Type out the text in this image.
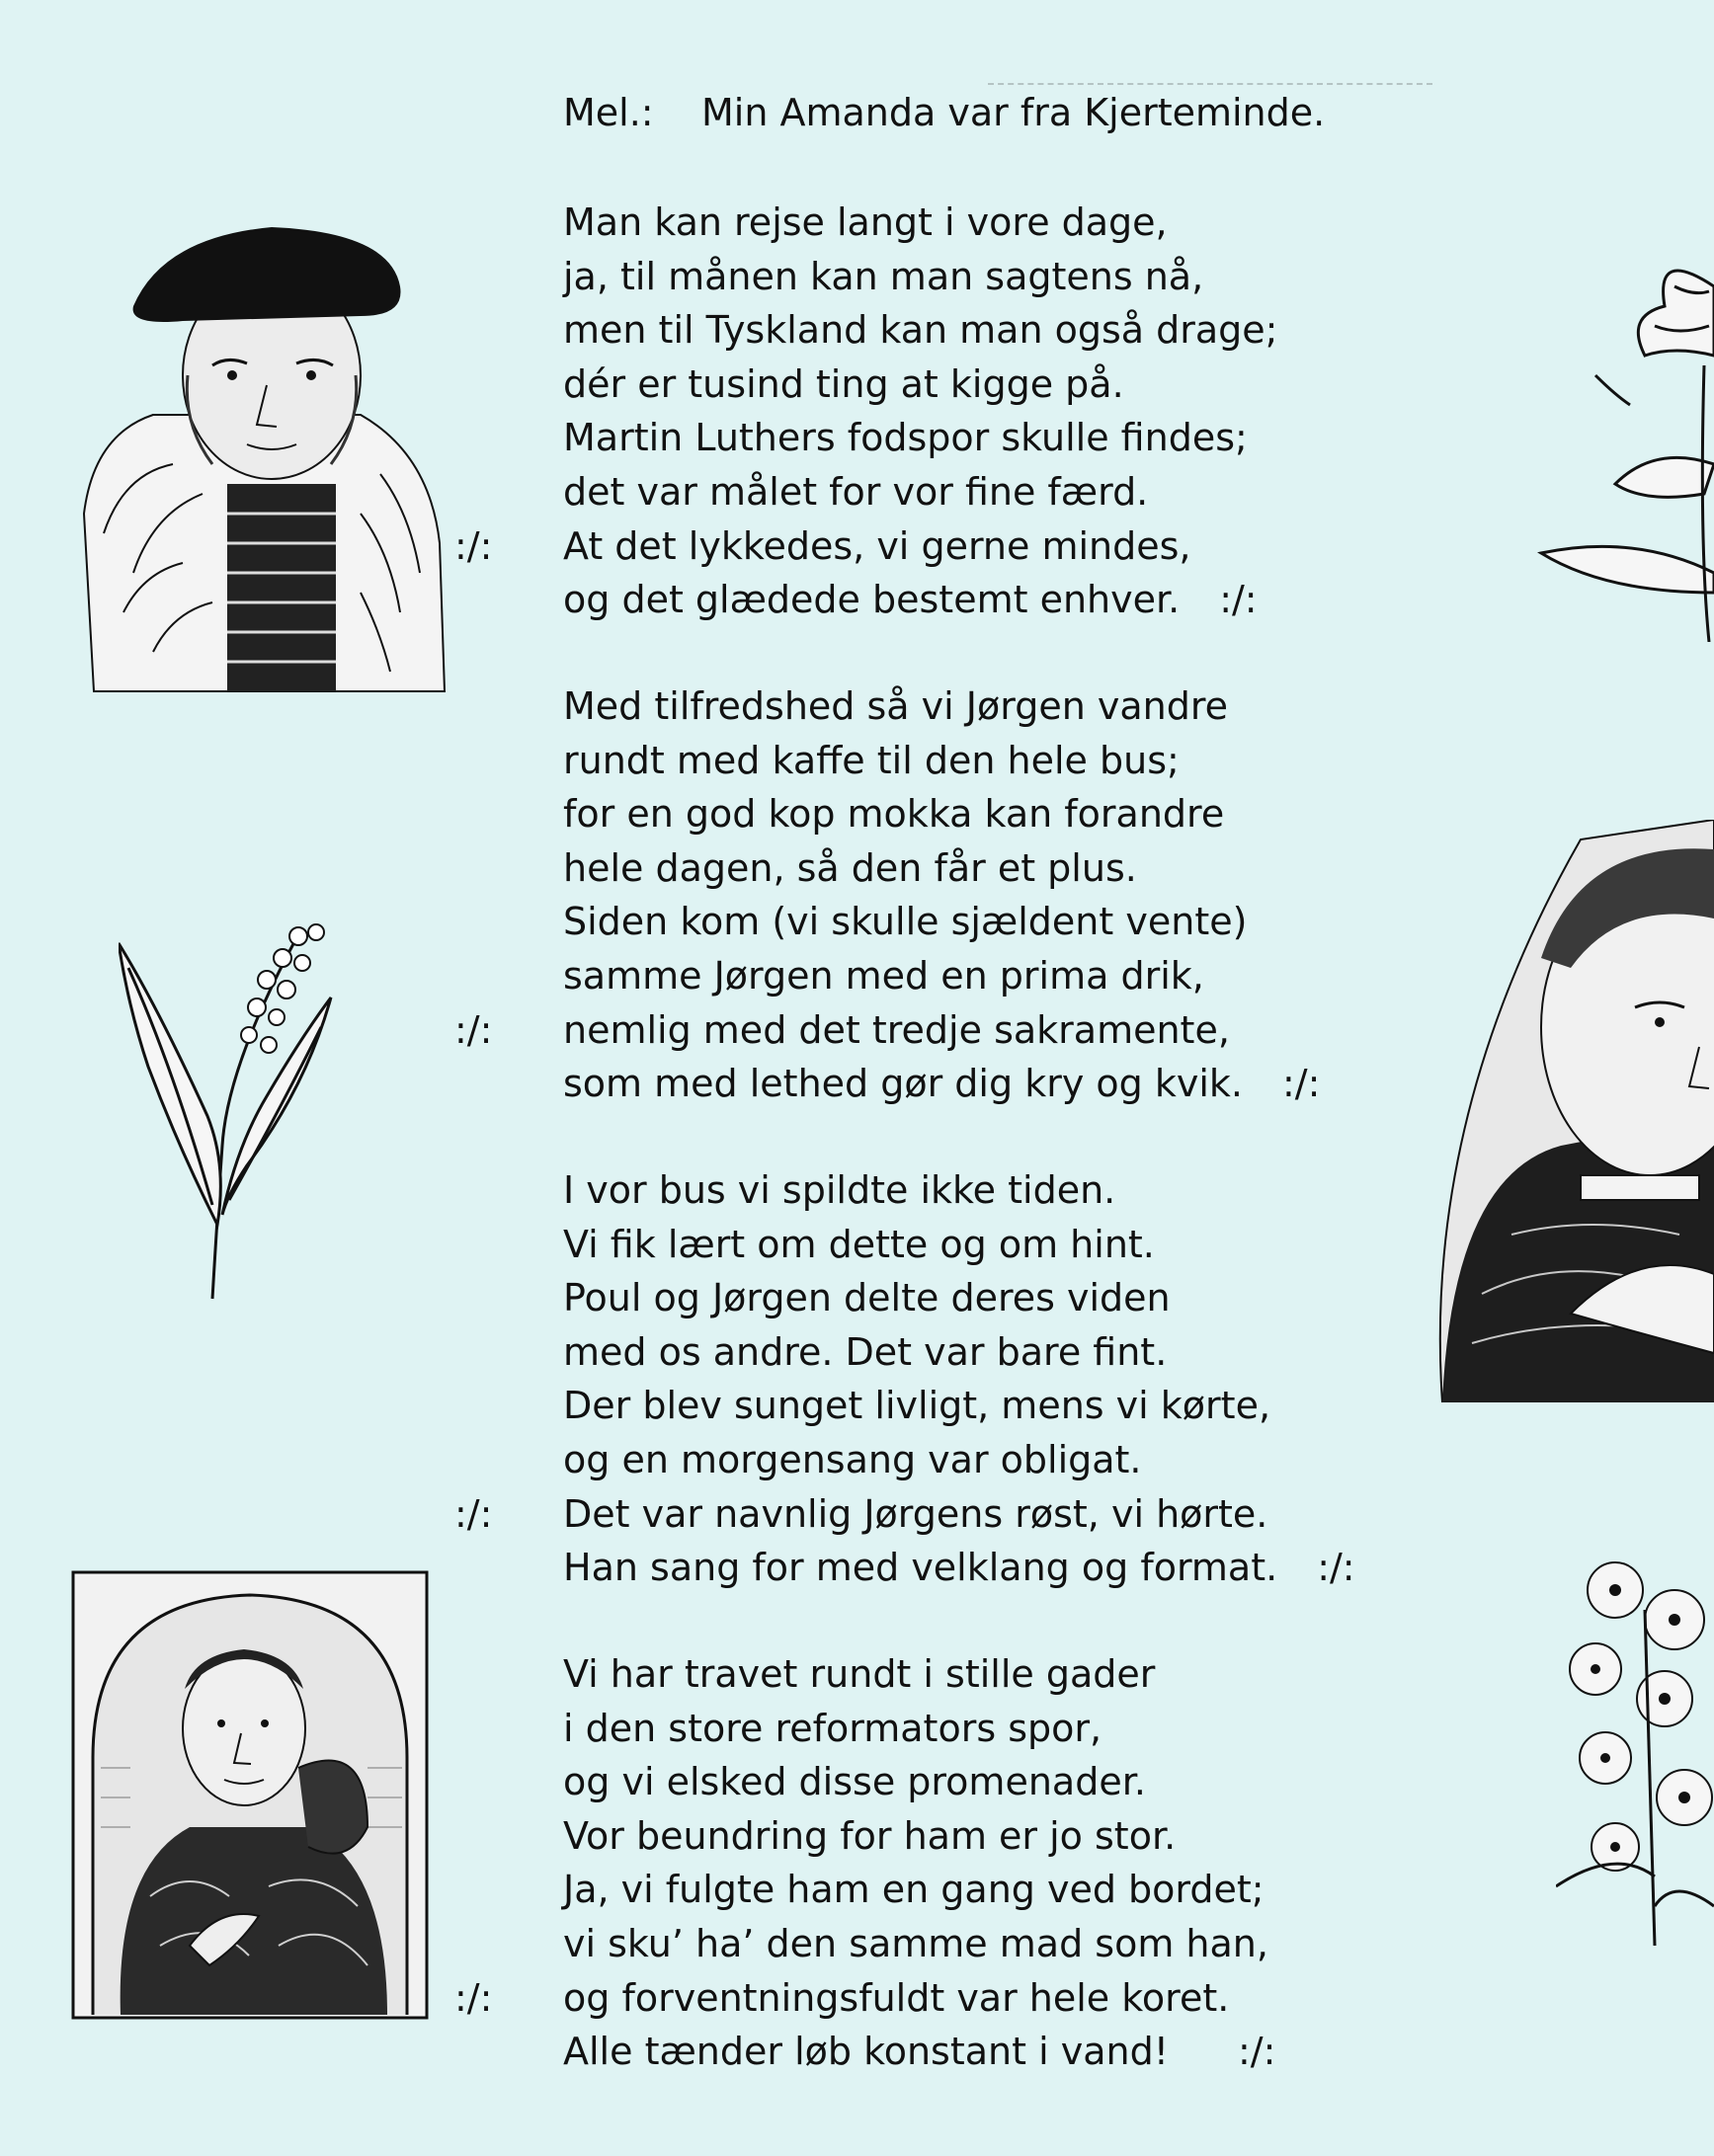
Mel.: Min Amanda var fra Kjerteminde.
Man kan rejse langt i vore dage,
ja, til månen kan man sagtens nå,
men til Tyskland kan man også drage;
dér er tusind ting at kigge på.
Martin Luthers fodspor skulle findes;
det var målet for vor fine færd.
:/: At det lykkedes, vi gerne mindes,
og det glædede bestemt enhver. :/:
Med tilfredshed så vi Jørgen vandre
rundt med kaffe til den hele bus;
for en god kop mokka kan forandre
hele dagen, så den får et plus.
Siden kom (vi skulle sjældent vente)
samme Jørgen med en prima drik,
:/: nemlig med det tredje sakramente,
som med lethed gør dig kry og kvik. :/:
I vor bus vi spildte ikke tiden.
Vi fik lært om dette og om hint.
Poul og Jørgen delte deres viden
med os andre. Det var bare fint.
Der blev sunget livligt, mens vi kørte,
og en morgensang var obligat.
:/: Det var navnlig Jørgens røst, vi hørte.
Han sang for med velklang og format. :/:
Vi har travet rundt i stille gader
i den store reformators spor,
og vi elsked disse promenader.
Vor beundring for ham er jo stor.
Ja, vi fulgte ham en gang ved bordet;
vi sku’ ha’ den samme mad som han,
:/: og forventningsfuldt var hele koret.
Alle tænder løb konstant i vand! :/:
